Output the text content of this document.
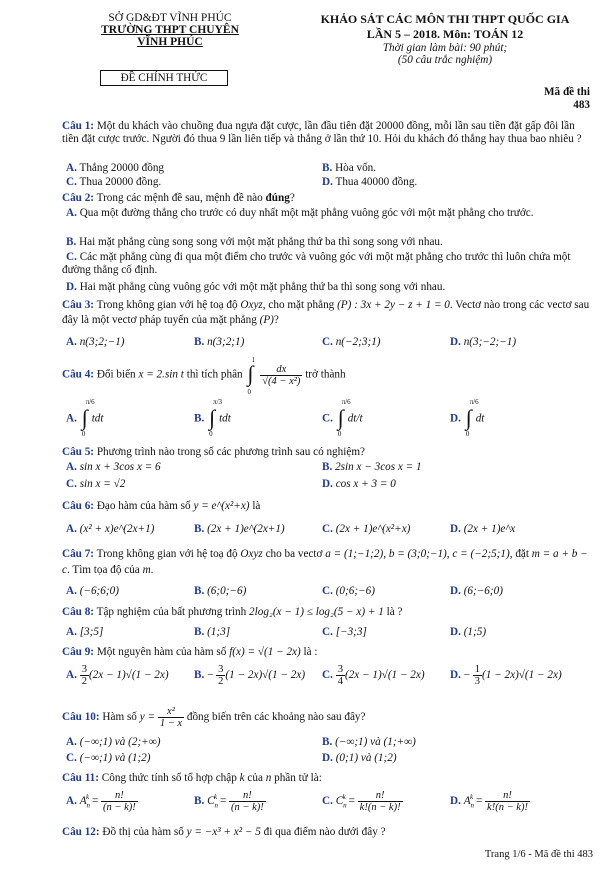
SỞ GD&ĐT VĨNH PHÚC
TRƯỜNG THPT CHUYÊN
VĨNH PHÚC
ĐỀ CHÍNH THỨC
KHẢO SÁT CÁC MÔN THI THPT QUỐC GIA
LẦN 5 – 2018. Môn: TOÁN 12
Thời gian làm bài: 90 phút;
(50 câu trắc nghiệm)
Mã đề thi
483
Câu 1: Một du khách vào chuồng đua ngựa đặt cược, lần đầu tiên đặt 20000 đồng, mỗi lần sau tiền đặt gấp đôi lần tiền đặt cược trước. Người đó thua 9 lần liên tiếp và thắng ở lần thứ 10. Hỏi du khách đó thắng hay thua bao nhiêu ?
A. Thắng 20000 đồng	B. Hòa vốn.
C. Thua 20000 đồng.	D. Thua 40000 đồng.
Câu 2: Trong các mệnh đề sau, mệnh đề nào đúng?
A. Qua một đường thẳng cho trước có duy nhất một mặt phẳng vuông góc với một mặt phẳng cho trước.
B. Hai mặt phẳng cùng song song với một mặt phẳng thứ ba thì song song với nhau.
C. Các mặt phẳng cùng đi qua một điểm cho trước và vuông góc với một mặt phẳng cho trước thì luôn chứa một đường thẳng cố định.
D. Hai mặt phẳng cùng vuông góc với một mặt phẳng thứ ba thì song song với nhau.
Câu 3: Trong không gian với hệ toạ độ Oxyz, cho mặt phẳng (P) : 3x + 2y − z + 1 = 0. Vectơ nào trong các vectơ sau đây là một vectơ pháp tuyến của mặt phẳng (P)?
A. n(3;2;−1)	B. n(3;2;1)	C. n(−2;3;1)	D. n(3;−2;−1)
Câu 4: Đổi biến x = 2.sin t thì tích phân
1
∫
0

$\frac{dx}{\text{√(4 − x²)}}$ trở thành
A.
π/6
∫
0
tdt	B.
π/3
∫
0
tdt	C.
π/6
∫
0
dt/t	D.
π/6
∫
0
dt
Câu 5: Phương trình nào trong số các phương trình sau có nghiệm?
A. sin x + 3cos x = 6	B. 2sin x − 3cos x = 1
C. sin x = √2	D. cos x + 3 = 0
Câu 6: Đạo hàm của hàm số y = e^(x²+x) là
A. (x² + x)e^(2x+1)	B. (2x + 1)e^(2x+1)	C. (2x + 1)e^(x²+x)	D. (2x + 1)e^x
Câu 7: Trong không gian với hệ toạ độ Oxyz cho ba vectơ a = (1;−1;2), b = (3;0;−1), c = (−2;5;1), đặt m = a + b − c. Tìm tọa độ của m.
A. (−6;6;0)	B. (6;0;−6)	C. (0;6;−6)	D. (6;−6;0)
Câu 8: Tập nghiệm của bất phương trình 2log₂(x − 1) ≤ log₂(5 − x) + 1 là ?
A. [3;5]	B. (1;3]	C. [−3;3]	D. (1;5)
Câu 9: Một nguyên hàm của hàm số f(x) = √(1 − 2x) là :
A. $\frac{3}{2} (2x - 1)√(1 - 2x) B$. − $\frac{3}{2} (1 - 2x)√(1 - 2x)$ C. $\frac{3}{4} (2x - 1)√(1 - 2x) D$. − $\frac{1}{3} (1 - 2x)√(1 - 2x)$
Câu 10: Hàm số $y = \frac{\text{x²}}{1 - x}$ đồng biến trên các khoảng nào sau đây?
A. (−∞;1) và (2;+∞)	B. (−∞;1) và (1;+∞)
C. (−∞;1) và (1;2)	D. (0;1) và (1;2)
Câu 11: Công thức tính số tổ hợp chập k của n phần tử là:
A. $A_n^k = \frac{n!}{(n - k)!}$	B. $C_n^k = \frac{n!}{(n - k)!}$	C. $C_n^k = \frac{n!}{k!(n - k)!}$	D. $A_n^k = \frac{n!}{k!(n - k)!}$
Câu 12: Đồ thị của hàm số y = −x³ + x² − 5 đi qua điểm nào dưới đây ?
Trang 1/6 - Mã đề thi 483
